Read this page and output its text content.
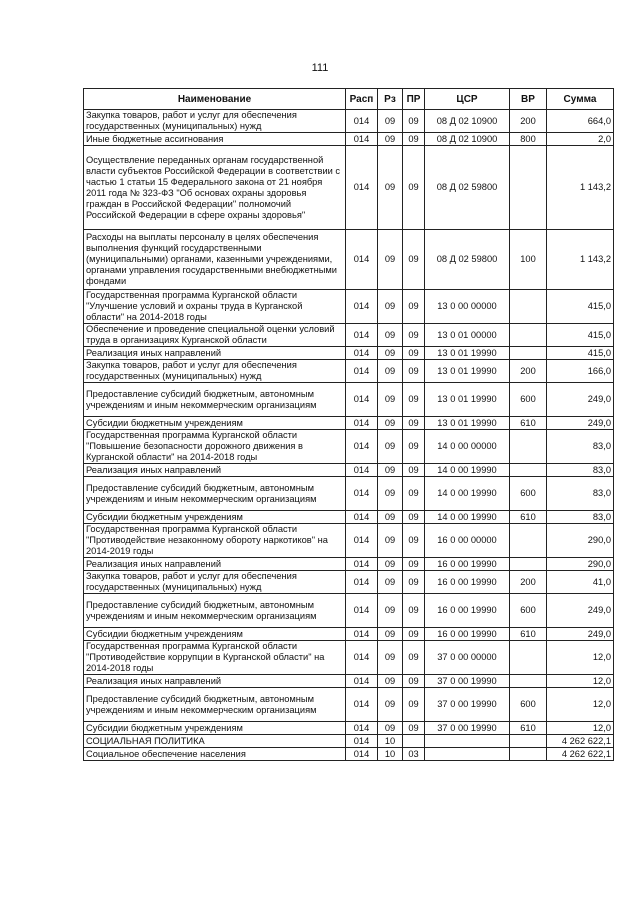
111
Наименование	Расп	Рз	ПР	ЦСР	ВР	Сумма
Закупка товаров, работ и услуг для обеспечения государственных (муниципальных) нужд	014	09	09	08 Д 02 10900	200	664,0
Иные бюджетные ассигнования	014	09	09	08 Д 02 10900	800	2,0
Осуществление переданных органам государственной власти субъектов Российской Федерации в соответствии с частью 1 статьи 15 Федерального закона от 21 ноября 2011 года № 323-ФЗ "Об основах охраны здоровья граждан в Российской Федерации" полномочий Российской Федерации в сфере охраны здоровья"	014	09	09	08 Д 02 59800		1 143,2
Расходы на выплаты персоналу в целях обеспечения выполнения функций государственными (муниципальными) органами, казенными учреждениями, органами управления государственными внебюджетными фондами	014	09	09	08 Д 02 59800	100	1 143,2
Государственная программа Курганской области "Улучшение условий и охраны труда в Курганской области" на 2014-2018 годы	014	09	09	13 0 00 00000		415,0
Обеспечение и проведение специальной оценки условий труда в организациях Курганской области	014	09	09	13 0 01 00000		415,0
Реализация иных направлений	014	09	09	13 0 01 19990		415,0
Закупка товаров, работ и услуг для обеспечения государственных (муниципальных) нужд	014	09	09	13 0 01 19990	200	166,0
Предоставление субсидий бюджетным, автономным учреждениям и иным некоммерческим организациям	014	09	09	13 0 01 19990	600	249,0
Субсидии бюджетным учреждениям	014	09	09	13 0 01 19990	610	249,0
Государственная программа Курганской области "Повышение безопасности дорожного движения в Курганской области" на 2014-2018 годы	014	09	09	14 0 00 00000		83,0
Реализация иных направлений	014	09	09	14 0 00 19990		83,0
Предоставление субсидий бюджетным, автономным учреждениям и иным некоммерческим организациям	014	09	09	14 0 00 19990	600	83,0
Субсидии бюджетным учреждениям	014	09	09	14 0 00 19990	610	83,0
Государственная программа Курганской области "Противодействие незаконному обороту наркотиков" на 2014-2019 годы	014	09	09	16 0 00 00000		290,0
Реализация иных направлений	014	09	09	16 0 00 19990		290,0
Закупка товаров, работ и услуг для обеспечения государственных (муниципальных) нужд	014	09	09	16 0 00 19990	200	41,0
Предоставление субсидий бюджетным, автономным учреждениям и иным некоммерческим организациям	014	09	09	16 0 00 19990	600	249,0
Субсидии бюджетным учреждениям	014	09	09	16 0 00 19990	610	249,0
Государственная программа Курганской области "Противодействие коррупции в Курганской области" на 2014-2018 годы	014	09	09	37 0 00 00000		12,0
Реализация иных направлений	014	09	09	37 0 00 19990		12,0
Предоставление субсидий бюджетным, автономным учреждениям и иным некоммерческим организациям	014	09	09	37 0 00 19990	600	12,0
Субсидии бюджетным учреждениям	014	09	09	37 0 00 19990	610	12,0
СОЦИАЛЬНАЯ ПОЛИТИКА	014	10				4 262 622,1
Социальное обеспечение населения	014	10	03			4 262 622,1
